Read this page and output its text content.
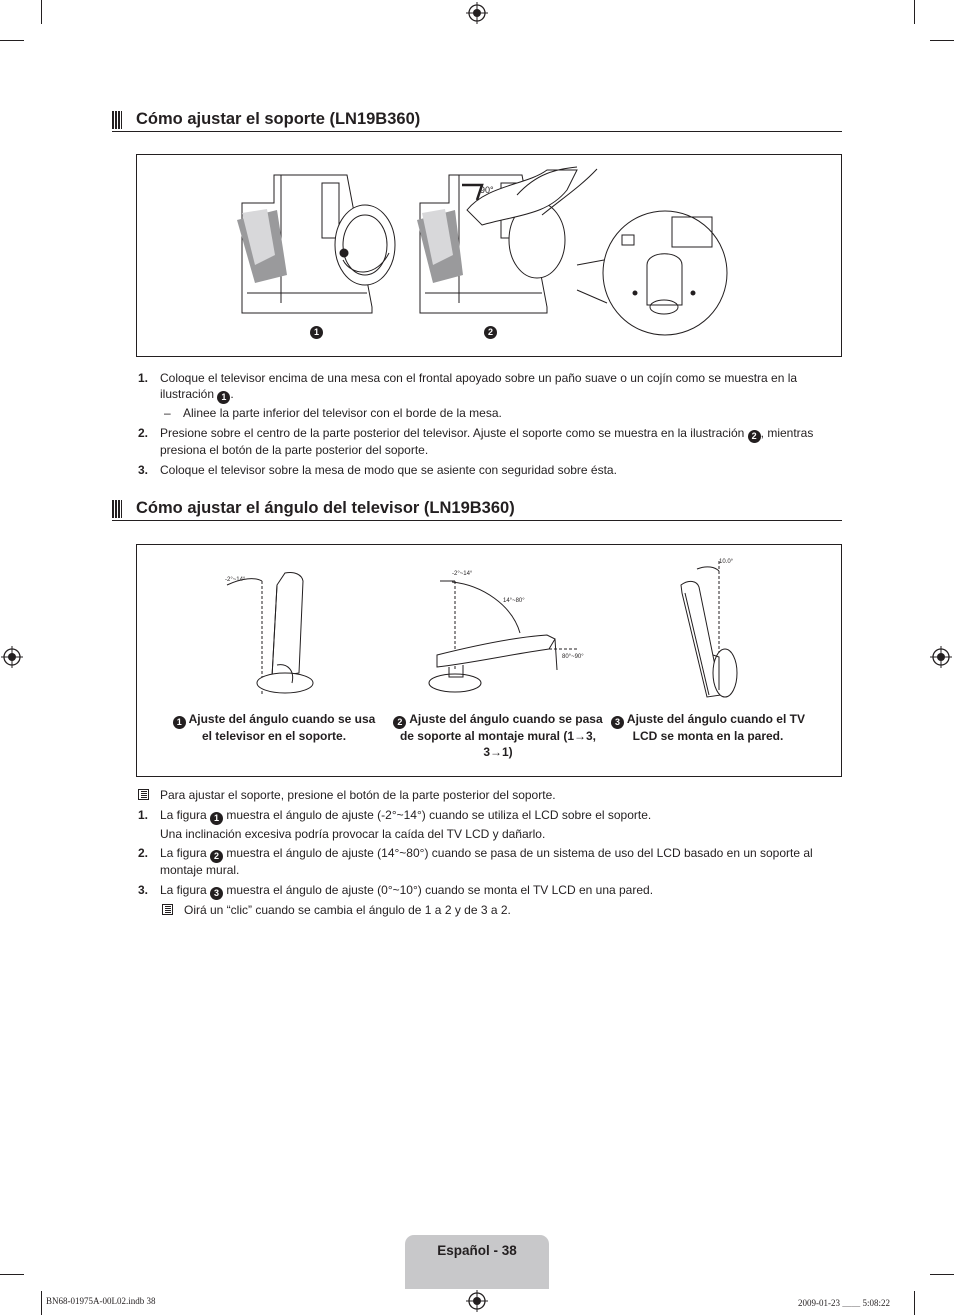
Cómo ajustar el soporte (LN19B360)
1	2
90°
1. Coloque el televisor encima de una mesa con el frontal apoyado sobre un paño suave o un cojín como se muestra en la ilustración 1 .
– Alinee la parte inferior del televisor con el borde de la mesa.
2. Presione sobre el centro de la parte posterior del televisor. Ajuste el soporte como se muestra en la ilustración 2 , mientras presiona el botón de la parte posterior del soporte.
3. Coloque el televisor sobre la mesa de modo que se asiente con seguridad sobre ésta.
Cómo ajustar el ángulo del televisor (LN19B360)
-2°~14°
-2°~14°
14°~80°
80°~90°
10.0°
1 Ajuste del ángulo cuando se usa el televisor en el soporte.
2 Ajuste del ángulo cuando se pasa de soporte al montaje mural (1→3, 3→1)
3 Ajuste del ángulo cuando el TV LCD se monta en la pared.
Para ajustar el soporte, presione el botón de la parte posterior del soporte.
1. La figura 1 muestra el ángulo de ajuste (-2°~14°) cuando se utiliza el LCD sobre el soporte.
Una inclinación excesiva podría provocar la caída del TV LCD y dañarlo.
2. La figura 2 muestra el ángulo de ajuste (14°~80°) cuando se pasa de un sistema de uso del LCD basado en un soporte al montaje mural.
3. La figura 3 muestra el ángulo de ajuste (0°~10°) cuando se monta el TV LCD en una pared.
Oirá un “clic” cuando se cambia el ángulo de 1 a 2 y de 3 a 2.
Español - 38
BN68-01975A-00L02.indb 38	2009-01-23 ＿＿ 5:08:22
